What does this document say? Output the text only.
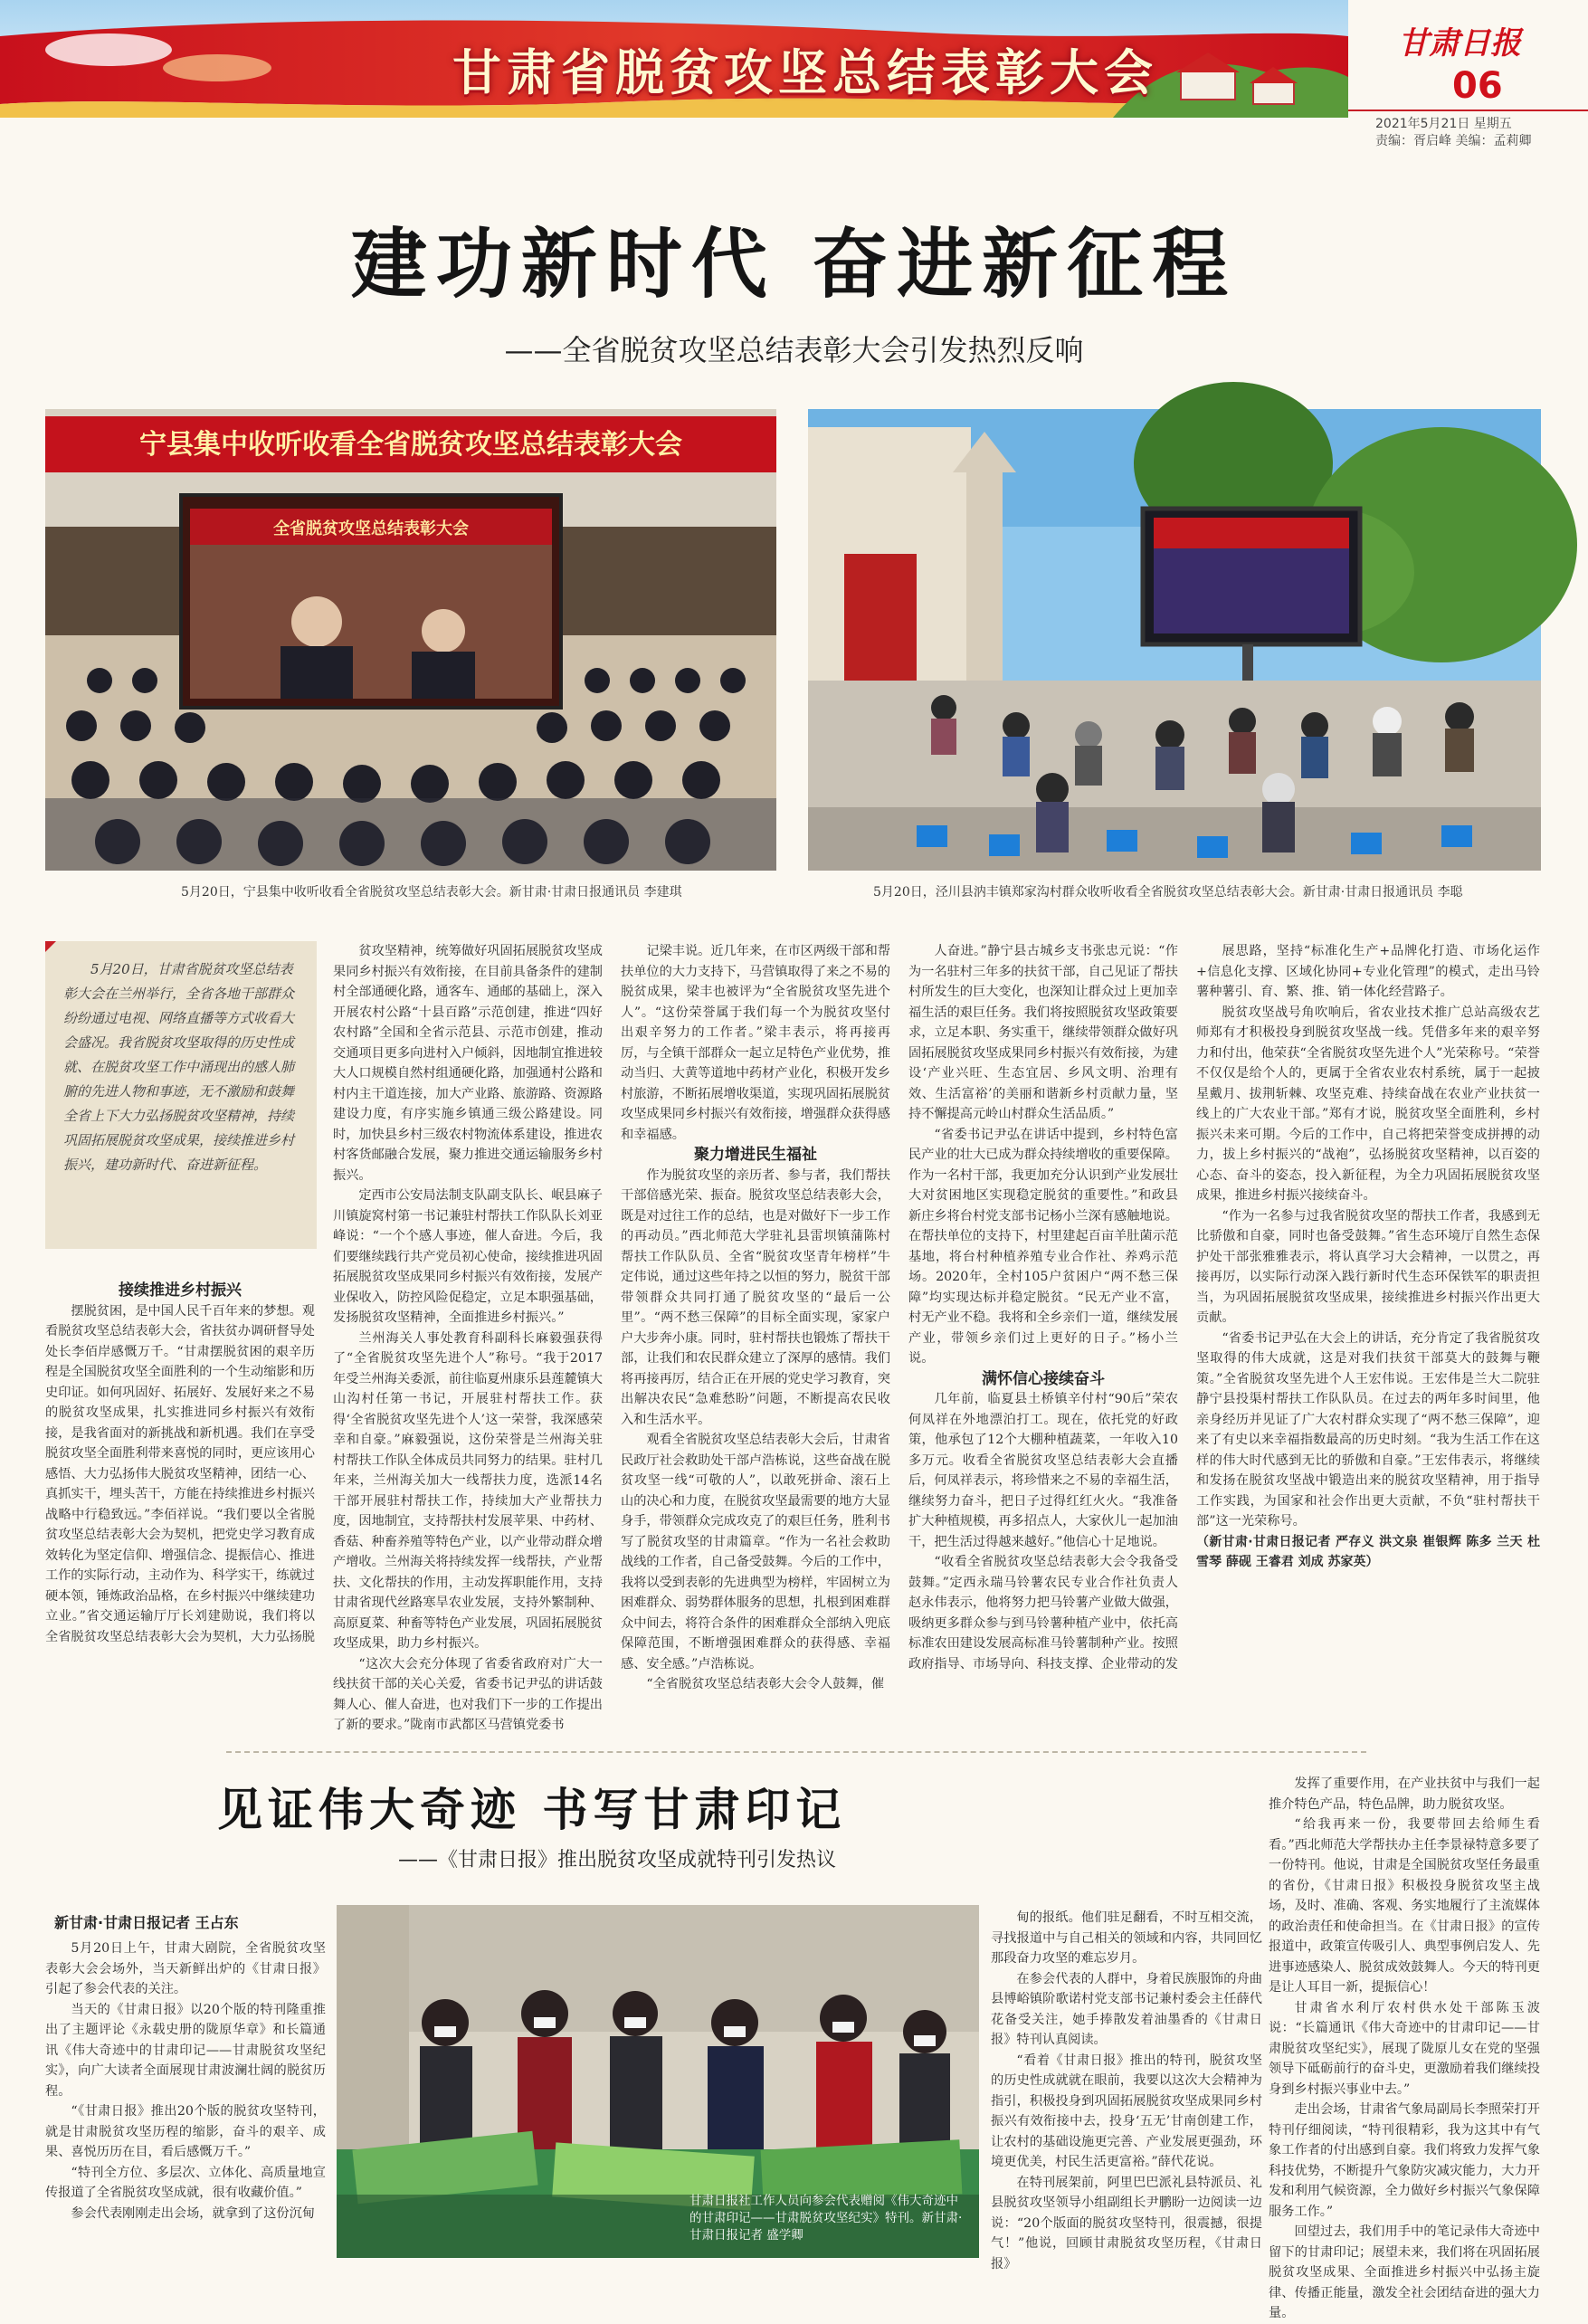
甘肃省脱贫攻坚总结表彰大会
甘肃日报
06
2021年5月21日 星期五
责编：胥启峰 美编：孟莉卿
建功新时代 奋进新征程
——全省脱贫攻坚总结表彰大会引发热烈反响
宁县集中收听收看全省脱贫攻坚总结表彰大会
全省脱贫攻坚总结表彰大会
5月20日，宁县集中收听收看全省脱贫攻坚总结表彰大会。新甘肃·甘肃日报通讯员 李建琪	5月20日，泾川县汭丰镇郑家沟村群众收听收看全省脱贫攻坚总结表彰大会。新甘肃·甘肃日报通讯员 李聪
5月20日，甘肃省脱贫攻坚总结表彰大会在兰州举行，全省各地干部群众纷纷通过电视、网络直播等方式收看大会盛况。我省脱贫攻坚取得的历史性成就、在脱贫攻坚工作中涌现出的感人肺腑的先进人物和事迹，无不激励和鼓舞全省上下大力弘扬脱贫攻坚精神，持续巩固拓展脱贫攻坚成果，接续推进乡村振兴，建功新时代、奋进新征程。

接续推进乡村振兴

摆脱贫困，是中国人民千百年来的梦想。观看脱贫攻坚总结表彰大会，省扶贫办调研督导处处长李佰岸感慨万千。“甘肃摆脱贫困的艰辛历程是全国脱贫攻坚全面胜利的一个生动缩影和历史印证。如何巩固好、拓展好、发展好来之不易的脱贫攻坚成果，扎实推进同乡村振兴有效衔接，是我省面对的新挑战和新机遇。我们在享受脱贫攻坚全面胜利带来喜悦的同时，更应该用心感悟、大力弘扬伟大脱贫攻坚精神，团结一心、真抓实干，埋头苦干，方能在持续推进乡村振兴战略中行稳致远。”李佰祥说。“我们要以全省脱贫攻坚总结表彰大会为契机，把党史学习教育成效转化为坚定信仰、增强信念、提振信心、推进工作的实际行动，主动作为、科学实干，练就过硬本领，锤炼政治品格，在乡村振兴中继续建功立业。”省交通运输厅厅长刘建勋说，我们将以全省脱贫攻坚总结表彰大会为契机，大力弘扬脱

贫攻坚精神，统筹做好巩固拓展脱贫攻坚成果同乡村振兴有效衔接，在目前具备条件的建制村全部通硬化路，通客车、通邮的基础上，深入开展农村公路“十县百路”示范创建，推进“四好农村路”全国和全省示范县、示范市创建，推动交通项目更多向进村入户倾斜，因地制宜推进较大人口规模自然村组通硬化路，加强通村公路和村内主干道连接，加大产业路、旅游路、资源路建设力度，有序实施乡镇通三级公路建设。同时，加快县乡村三级农村物流体系建设，推进农村客货邮融合发展，聚力推进交通运输服务乡村振兴。

定西市公安局法制支队副支队长、岷县麻子川镇旋窝村第一书记兼驻村帮扶工作队队长刘亚峰说：“一个个感人事迹，催人奋进。今后，我们要继续践行共产党员初心使命，接续推进巩固拓展脱贫攻坚成果同乡村振兴有效衔接，发展产业保收入，防控风险促稳定，立足本职强基础，发扬脱贫攻坚精神，全面推进乡村振兴。”

兰州海关人事处教育科副科长麻毅强获得了“全省脱贫攻坚先进个人”称号。“我于2017年受兰州海关委派，前往临夏州康乐县莲麓镇大山沟村任第一书记，开展驻村帮扶工作。获得‘全省脱贫攻坚先进个人’这一荣誉，我深感荣幸和自豪。”麻毅强说，这份荣誉是兰州海关驻村帮扶工作队全体成员共同努力的结果。驻村几年来，兰州海关加大一线帮扶力度，选派14名干部开展驻村帮扶工作，持续加大产业帮扶力度，因地制宜，支持帮扶村发展苹果、中药材、香菇、种畜养殖等特色产业，以产业带动群众增产增收。兰州海关将持续发挥一线帮扶，产业帮扶、文化帮扶的作用，主动发挥职能作用，支持甘肃省现代丝路寒旱农业发展，支持外繁制种、高原夏菜、种畜等特色产业发展，巩固拓展脱贫攻坚成果，助力乡村振兴。

“这次大会充分体现了省委省政府对广大一线扶贫干部的关心关爱，省委书记尹弘的讲话鼓舞人心、催人奋进，也对我们下一步的工作提出了新的要求。”陇南市武都区马营镇党委书

记梁丰说。近几年来，在市区两级干部和帮扶单位的大力支持下，马营镇取得了来之不易的脱贫成果，梁丰也被评为“全省脱贫攻坚先进个人”。“这份荣誉属于我们每一个为脱贫攻坚付出艰辛努力的工作者。”梁丰表示，将再接再厉，与全镇干部群众一起立足特色产业优势，推动当归、大黄等道地中药材产业化，积极开发乡村旅游，不断拓展增收渠道，实现巩固拓展脱贫攻坚成果同乡村振兴有效衔接，增强群众获得感和幸福感。

聚力增进民生福祉

作为脱贫攻坚的亲历者、参与者，我们帮扶干部倍感光荣、振奋。脱贫攻坚总结表彰大会，既是对过往工作的总结，也是对做好下一步工作的再动员。”西北师范大学驻礼县雷坝镇蒲陈村帮扶工作队队员、全省“脱贫攻坚青年榜样”牛定伟说，通过这些年持之以恒的努力，脱贫干部带领群众共同打通了脱贫攻坚的“最后一公里”。“两不愁三保障”的目标全面实现，家家户户大步奔小康。同时，驻村帮扶也锻炼了帮扶干部，让我们和农民群众建立了深厚的感情。我们将再接再厉，结合正在开展的党史学习教育，突出解决农民“急难愁盼”问题，不断提高农民收入和生活水平。

观看全省脱贫攻坚总结表彰大会后，甘肃省民政厅社会救助处干部卢浩栋说，这些奋战在脱贫攻坚一线“可敬的人”，以敢死拼命、滚石上山的决心和力度，在脱贫攻坚最需要的地方大显身手，带领群众完成攻克了的艰巨任务，胜利书写了脱贫攻坚的甘肃篇章。“作为一名社会救助战线的工作者，自己备受鼓舞。今后的工作中，我将以受到表彰的先进典型为榜样，牢固树立为困难群众、弱势群体服务的思想，扎根到困难群众中间去，将符合条件的困难群众全部纳入兜底保障范围，不断增强困难群众的获得感、幸福感、安全感。”卢浩栋说。

“全省脱贫攻坚总结表彰大会令人鼓舞，催

人奋进。”静宁县古城乡支书张忠元说：“作为一名驻村三年多的扶贫干部，自己见证了帮扶村所发生的巨大变化，也深知让群众过上更加幸福生活的艰巨任务。我们将按照脱贫攻坚政策要求，立足本职、务实重干，继续带领群众做好巩固拓展脱贫攻坚成果同乡村振兴有效衔接，为建设‘产业兴旺、生态宜居、乡风文明、治理有效、生活富裕’的美丽和谐新乡村贡献力量，坚持不懈提高元岭山村群众生活品质。”

“省委书记尹弘在讲话中提到，乡村特色富民产业的壮大已成为群众持续增收的重要保障。作为一名村干部，我更加充分认识到产业发展壮大对贫困地区实现稳定脱贫的重要性。”和政县新庄乡将台村党支部书记杨小兰深有感触地说。在帮扶单位的支持下，村里建起百亩羊肚菌示范基地，将台村种植养殖专业合作社、养鸡示范场。2020年，全村105户贫困户“两不愁三保障”均实现达标并稳定脱贫。“民无产业不富，村无产业不稳。我将和全乡亲们一道，继续发展产业，带领乡亲们过上更好的日子。”杨小兰说。

满怀信心接续奋斗

几年前，临夏县土桥镇辛付村“90后”荣农何凤祥在外地漂泊打工。现在，依托党的好政策，他承包了12个大棚种植蔬菜，一年收入10多万元。收看全省脱贫攻坚总结表彰大会直播后，何凤祥表示，将珍惜来之不易的幸福生活，继续努力奋斗，把日子过得红红火火。“我准备扩大种植规模，再多招点人，大家伙儿一起加油干，把生活过得越来越好。”他信心十足地说。

“收看全省脱贫攻坚总结表彰大会令我备受鼓舞。”定西永瑞马铃薯农民专业合作社负责人赵永伟表示，他将努力把马铃薯产业做大做强，吸纳更多群众参与到马铃薯种植产业中，依托高标准农田建设发展高标准马铃薯制种产业。按照政府指导、市场导向、科技支撑、企业带动的发

展思路，坚持“标准化生产+品牌化打造、市场化运作+信息化支撑、区域化协同+专业化管理”的模式，走出马铃薯种薯引、育、繁、推、销一体化经营路子。

脱贫攻坚战号角吹响后，省农业技术推广总站高级农艺师郑有才积极投身到脱贫攻坚战一线。凭借多年来的艰辛努力和付出，他荣获“全省脱贫攻坚先进个人”光荣称号。“荣誉不仅仅是给个人的，更属于全省农业农村系统，属于一起披星戴月、拔荆斩棘、攻坚克难、持续奋战在农业产业扶贫一线上的广大农业干部。”郑有才说，脱贫攻坚全面胜利，乡村振兴未来可期。今后的工作中，自己将把荣誉变成拼搏的动力，拔上乡村振兴的“战袍”，弘扬脱贫攻坚精神，以百姿的心态、奋斗的姿态，投入新征程，为全力巩固拓展脱贫攻坚成果，推进乡村振兴接续奋斗。

“作为一名参与过我省脱贫攻坚的帮扶工作者，我感到无比骄傲和自豪，同时也备受鼓舞。”省生态环境厅自然生态保护处干部张雅雅表示，将认真学习大会精神，一以贯之，再接再厉，以实际行动深入践行新时代生态环保铁军的职责担当，为巩固拓展脱贫攻坚成果，接续推进乡村振兴作出更大贡献。

“省委书记尹弘在大会上的讲话，充分肯定了我省脱贫攻坚取得的伟大成就，这是对我们扶贫干部莫大的鼓舞与鞭策。”全省脱贫攻坚先进个人王宏伟说。王宏伟是兰大二院驻静宁县投渠村帮扶工作队队员。在过去的两年多时间里，他亲身经历并见证了广大农村群众实现了“两不愁三保障”，迎来了有史以来幸福指数最高的历史时刻。“我为生活工作在这样的伟大时代感到无比的骄傲和自豪。”王宏伟表示，将继续和发扬在脱贫攻坚战中锻造出来的脱贫攻坚精神，用于指导工作实践，为国家和社会作出更大贡献，不负“驻村帮扶干部”这一光荣称号。

（新甘肃·甘肃日报记者 严存义 洪文泉 崔银辉 陈多 兰天 杜雪琴 薛砚 王睿君 刘成 苏家英）

见证伟大奇迹 书写甘肃印记
——《甘肃日报》推出脱贫攻坚成就特刊引发热议
新甘肃·甘肃日报记者 王占东

5月20日上午，甘肃大剧院，全省脱贫攻坚表彰大会会场外，当天新鲜出炉的《甘肃日报》引起了参会代表的关注。

当天的《甘肃日报》以20个版的特刊隆重推出了主题评论《永载史册的陇原华章》和长篇通讯《伟大奇迹中的甘肃印记——甘肃脱贫攻坚纪实》，向广大读者全面展现甘肃波澜壮阔的脱贫历程。

“《甘肃日报》推出20个版的脱贫攻坚特刊，就是甘肃脱贫攻坚历程的缩影，奋斗的艰辛、成果、喜悦历历在目，看后感慨万千。”

“特刊全方位、多层次、立体化、高质量地宣传报道了全省脱贫攻坚成就，很有收藏价值。”

参会代表刚刚走出会场，就拿到了这份沉甸

甘肃日报社工作人员向参会代表赠阅《伟大奇迹中的甘肃印记——甘肃脱贫攻坚纪实》特刊。新甘肃·甘肃日报记者 盛学卿

甸的报纸。他们驻足翻看，不时互相交流，寻找报道中与自己相关的领域和内容，共同回忆那段奋力攻坚的难忘岁月。

在参会代表的人群中，身着民族服饰的舟曲县博峪镇阶歌诺村党支部书记兼村委会主任薛代花备受关注，她手捧散发着油墨香的《甘肃日报》特刊认真阅读。

“看着《甘肃日报》推出的特刊，脱贫攻坚的历史性成就就在眼前，我要以这次大会精神为指引，积极投身到巩固拓展脱贫攻坚成果同乡村振兴有效衔接中去，投身‘五无’甘南创建工作，让农村的基础设施更完善、产业发展更强劲，环境更优美，村民生活更富裕。”薛代花说。

在特刊展架前，阿里巴巴派礼县特派员、礼县脱贫攻坚领导小组副组长尹鹏盼一边阅读一边说：“20个版面的脱贫攻坚特刊，很震撼，很提气！”他说，回顾甘肃脱贫攻坚历程，《甘肃日报》

发挥了重要作用，在产业扶贫中与我们一起推介特色产品，特色品牌，助力脱贫攻坚。

“给我再来一份，我要带回去给师生看看。”西北师范大学帮扶办主任李景禄特意多要了一份特刊。他说，甘肃是全国脱贫攻坚任务最重的省份，《甘肃日报》积极投身脱贫攻坚主战场，及时、准确、客观、务实地履行了主流媒体的政治责任和使命担当。在《甘肃日报》的宣传报道中，政策宣传吸引人、典型事例启发人、先进事迹感染人、脱贫成效鼓舞人。今天的特刊更是让人耳目一新，提振信心！

甘肃省水利厅农村供水处干部陈玉波说：“长篇通讯《伟大奇迹中的甘肃印记——甘肃脱贫攻坚纪实》，展现了陇原儿女在党的坚强领导下砥砺前行的奋斗史，更激励着我们继续投身到乡村振兴事业中去。”

走出会场，甘肃省气象局副局长李照荣打开特刊仔细阅读，“特刊很精彩，我为这其中有气象工作者的付出感到自豪。我们将致力发挥气象科技优势，不断提升气象防灾减灾能力，大力开发和利用气候资源，全力做好乡村振兴气象保障服务工作。”

回望过去，我们用手中的笔记录伟大奇迹中留下的甘肃印记；展望未来，我们将在巩固拓展脱贫攻坚成果、全面推进乡村振兴中弘扬主旋律、传播正能量，激发全社会团结奋进的强大力量。
